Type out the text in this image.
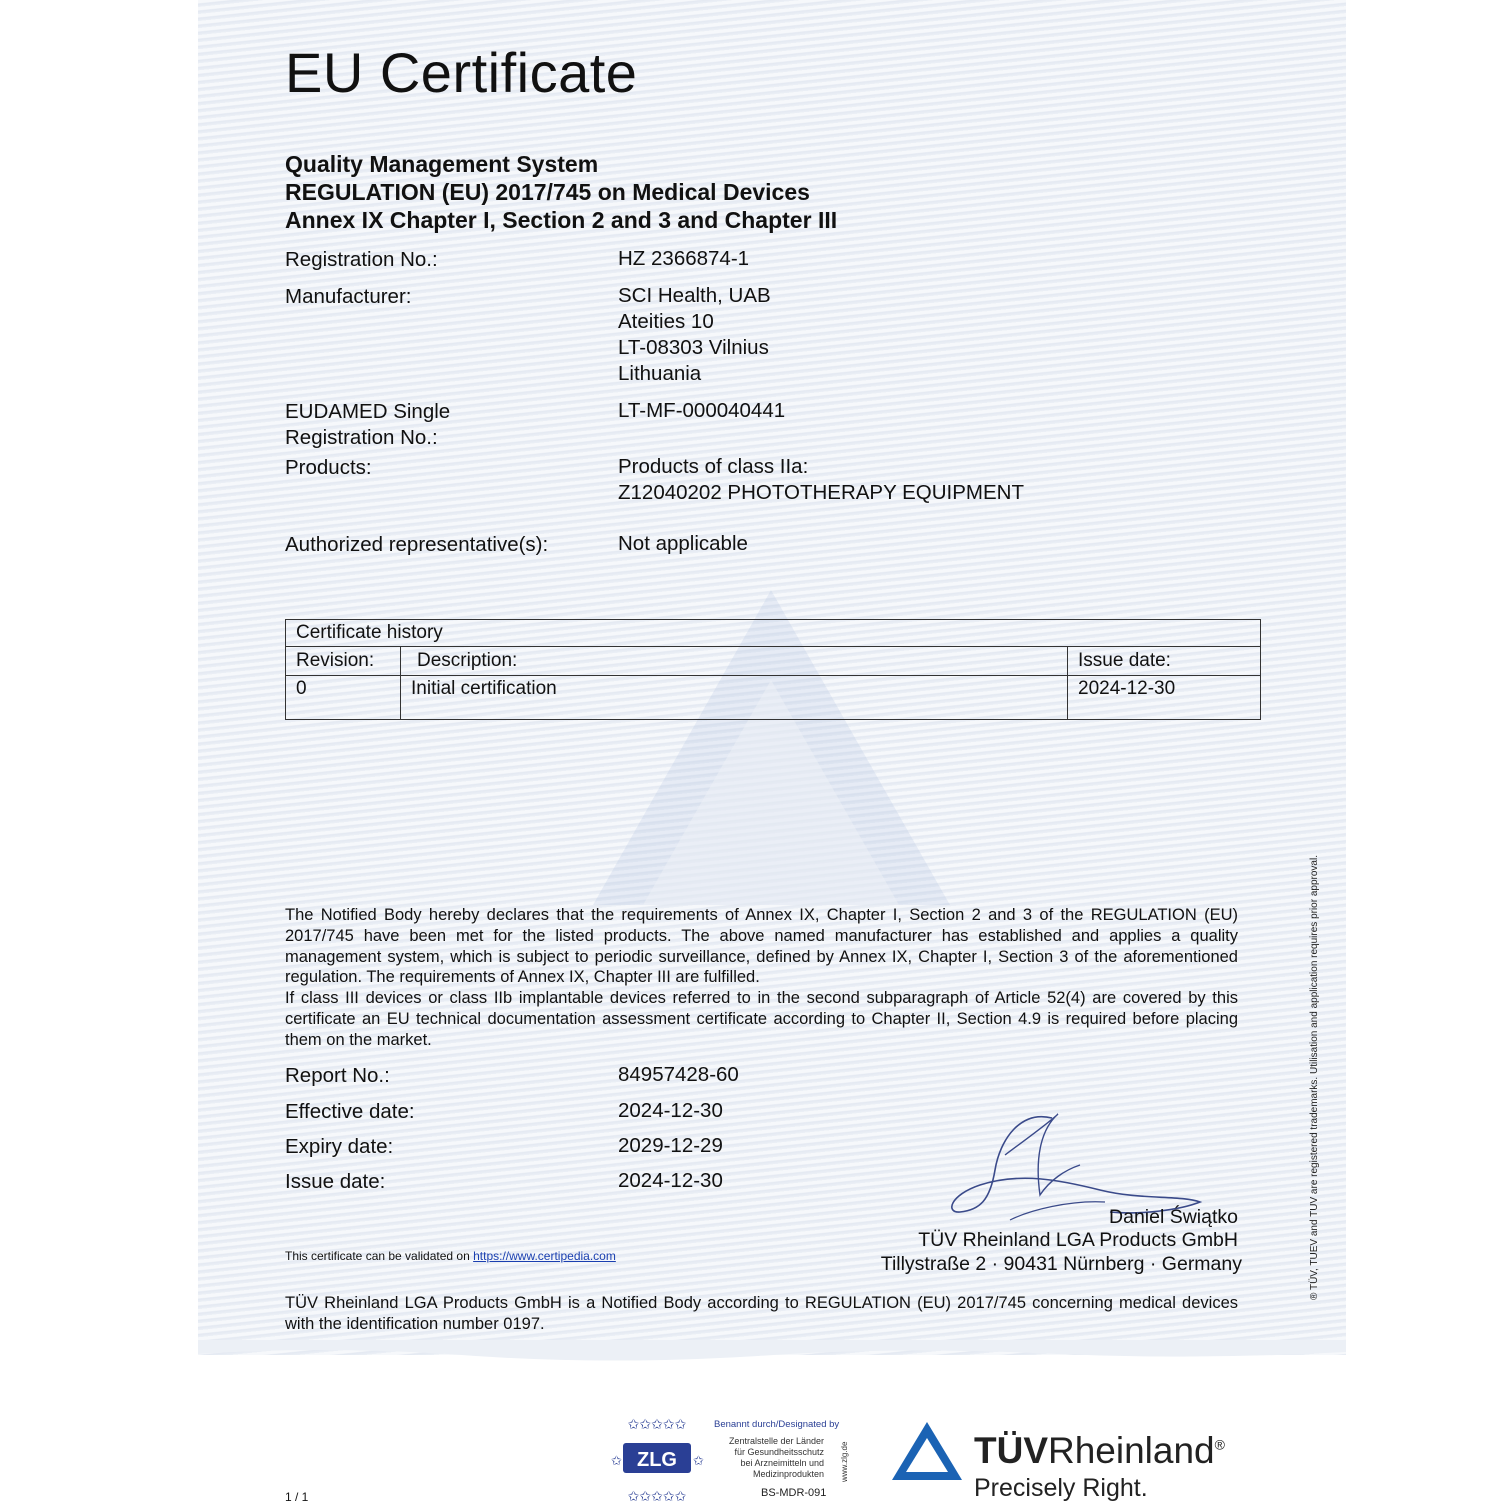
EU Certificate
Quality Management System
REGULATION (EU) 2017/745 on Medical Devices
Annex IX Chapter I, Section 2 and 3 and Chapter III
Registration No.:	HZ 2366874-1
Manufacturer:	SCI Health, UAB
Ateities 10
LT-08303 Vilnius
Lithuania
EUDAMED Single
Registration No.:
LT-MF-000040441
Products:	Products of class IIa:
Z12040202 PHOTOTHERAPY EQUIPMENT
Authorized representative(s):	Not applicable
Certificate history		
Revision:	Description:	Issue date:
0	Initial certification	2024-12-30
The Notified Body hereby declares that the requirements of Annex IX, Chapter I, Section 2 and 3 of the REGULATION (EU) 2017/745 have been met for the listed products. The above named manufacturer has established and applies a quality management system, which is subject to periodic surveillance, defined by Annex IX, Chapter I, Section 3 of the aforementioned regulation. The requirements of Annex IX, Chapter III are fulfilled.
If class III devices or class IIb implantable devices referred to in the second subparagraph of Article 52(4) are covered by this certificate an EU technical documentation assessment certificate according to Chapter II, Section 4.9 is required before placing them on the market.
Report No.:	84957428-60
Effective date:	2024-12-30
Expiry date:	2029-12-29
Issue date:	2024-12-30
Daniel Świątko
TÜV Rheinland LGA Products GmbH
Tillystraße 2 · 90431 Nürnberg · Germany
This certificate can be validated on https://www.certipedia.com
TÜV Rheinland LGA Products GmbH is a Notified Body according to REGULATION (EU) 2017/745 concerning medical devices with the identification number 0197.
® TÜV, TUEV and TUV are registered trademarks. Utilisation and application requires prior approval.
1 / 1
✩✩✩✩✩
✩✩✩✩✩
✩	✩
ZLG
Benannt durch/Designated by
Zentralstelle der Länder
für Gesundheitsschutz
bei Arzneimitteln und
Medizinprodukten www.zlg.de
BS-MDR-091
TÜVRheinland®
Precisely Right.
